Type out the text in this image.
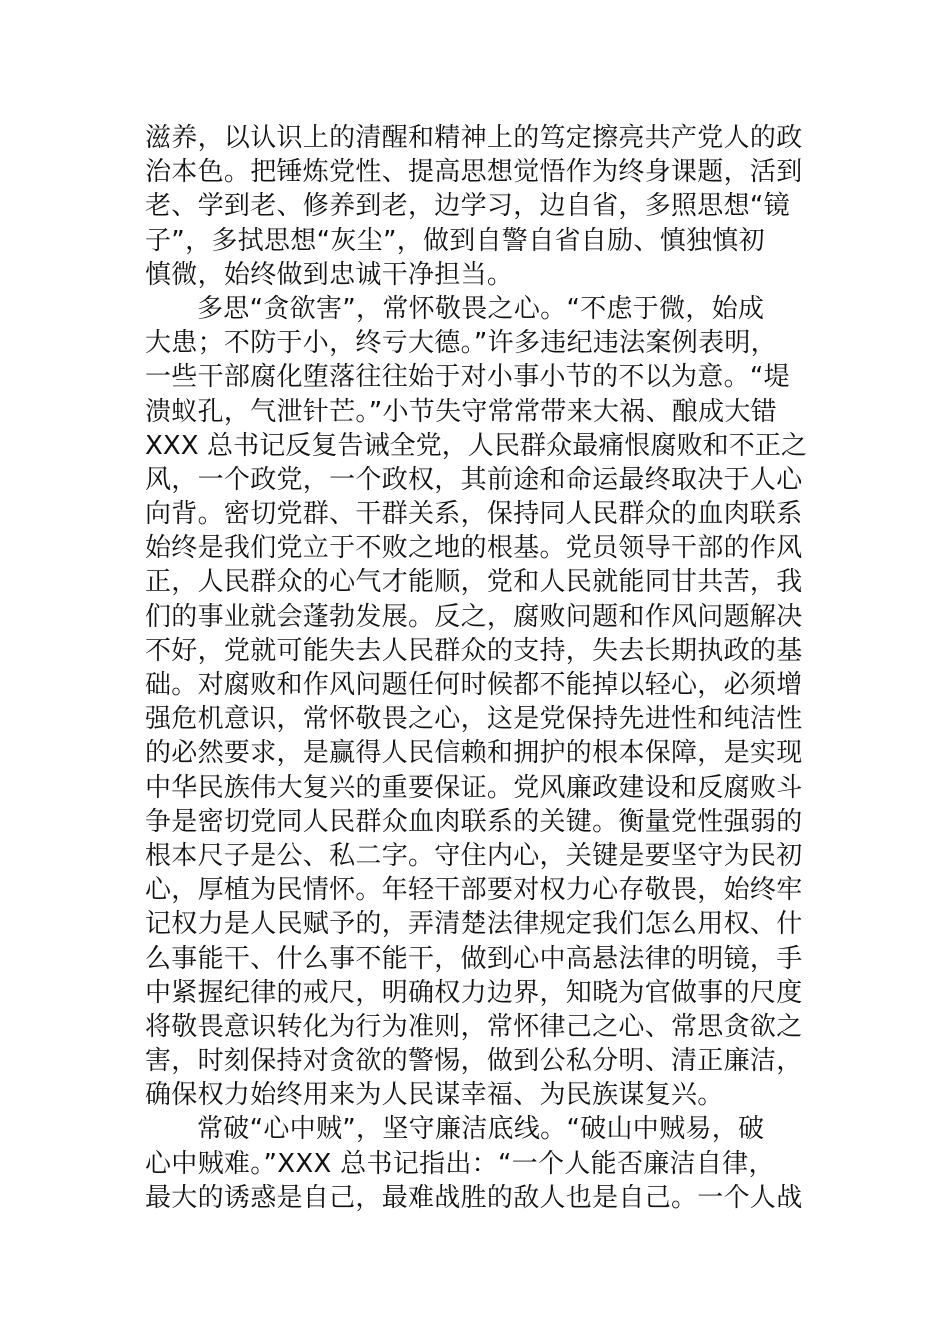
滋养，以认识上的清醒和精神上的笃定擦亮共产党人的政
治本色。把锤炼党性、提高思想觉悟作为终身课题，活到
老、学到老、修养到老，边学习，边自省，多照思想“镜
子”，多拭思想“灰尘”，做到自警自省自励、慎独慎初
慎微，始终做到忠诚干净担当。
多思“贪欲害”，常怀敬畏之心。“不虑于微，始成
大患；不防于小，终亏大德。”许多违纪违法案例表明，
一些干部腐化堕落往往始于对小事小节的不以为意。“堤
溃蚁孔，气泄针芒。”小节失守常常带来大祸、酿成大错
XXX 总书记反复告诫全党，人民群众最痛恨腐败和不正之
风，一个政党，一个政权，其前途和命运最终取决于人心
向背。密切党群、干群关系，保持同人民群众的血肉联系
始终是我们党立于不败之地的根基。党员领导干部的作风
正，人民群众的心气才能顺，党和人民就能同甘共苦，我
们的事业就会蓬勃发展。反之，腐败问题和作风问题解决
不好，党就可能失去人民群众的支持，失去长期执政的基
础。对腐败和作风问题任何时候都不能掉以轻心，必须增
强危机意识，常怀敬畏之心，这是党保持先进性和纯洁性
的必然要求，是赢得人民信赖和拥护的根本保障，是实现
中华民族伟大复兴的重要保证。党风廉政建设和反腐败斗
争是密切党同人民群众血肉联系的关键。衡量党性强弱的
根本尺子是公、私二字。守住内心，关键是要坚守为民初
心，厚植为民情怀。年轻干部要对权力心存敬畏，始终牢
记权力是人民赋予的，弄清楚法律规定我们怎么用权、什
么事能干、什么事不能干，做到心中高悬法律的明镜，手
中紧握纪律的戒尺，明确权力边界，知晓为官做事的尺度
将敬畏意识转化为行为准则，常怀律己之心、常思贪欲之
害，时刻保持对贪欲的警惕，做到公私分明、清正廉洁，
确保权力始终用来为人民谋幸福、为民族谋复兴。
常破“心中贼”，坚守廉洁底线。“破山中贼易，破
心中贼难。”XXX 总书记指出：“一个人能否廉洁自律，
最大的诱惑是自己，最难战胜的敌人也是自己。一个人战
